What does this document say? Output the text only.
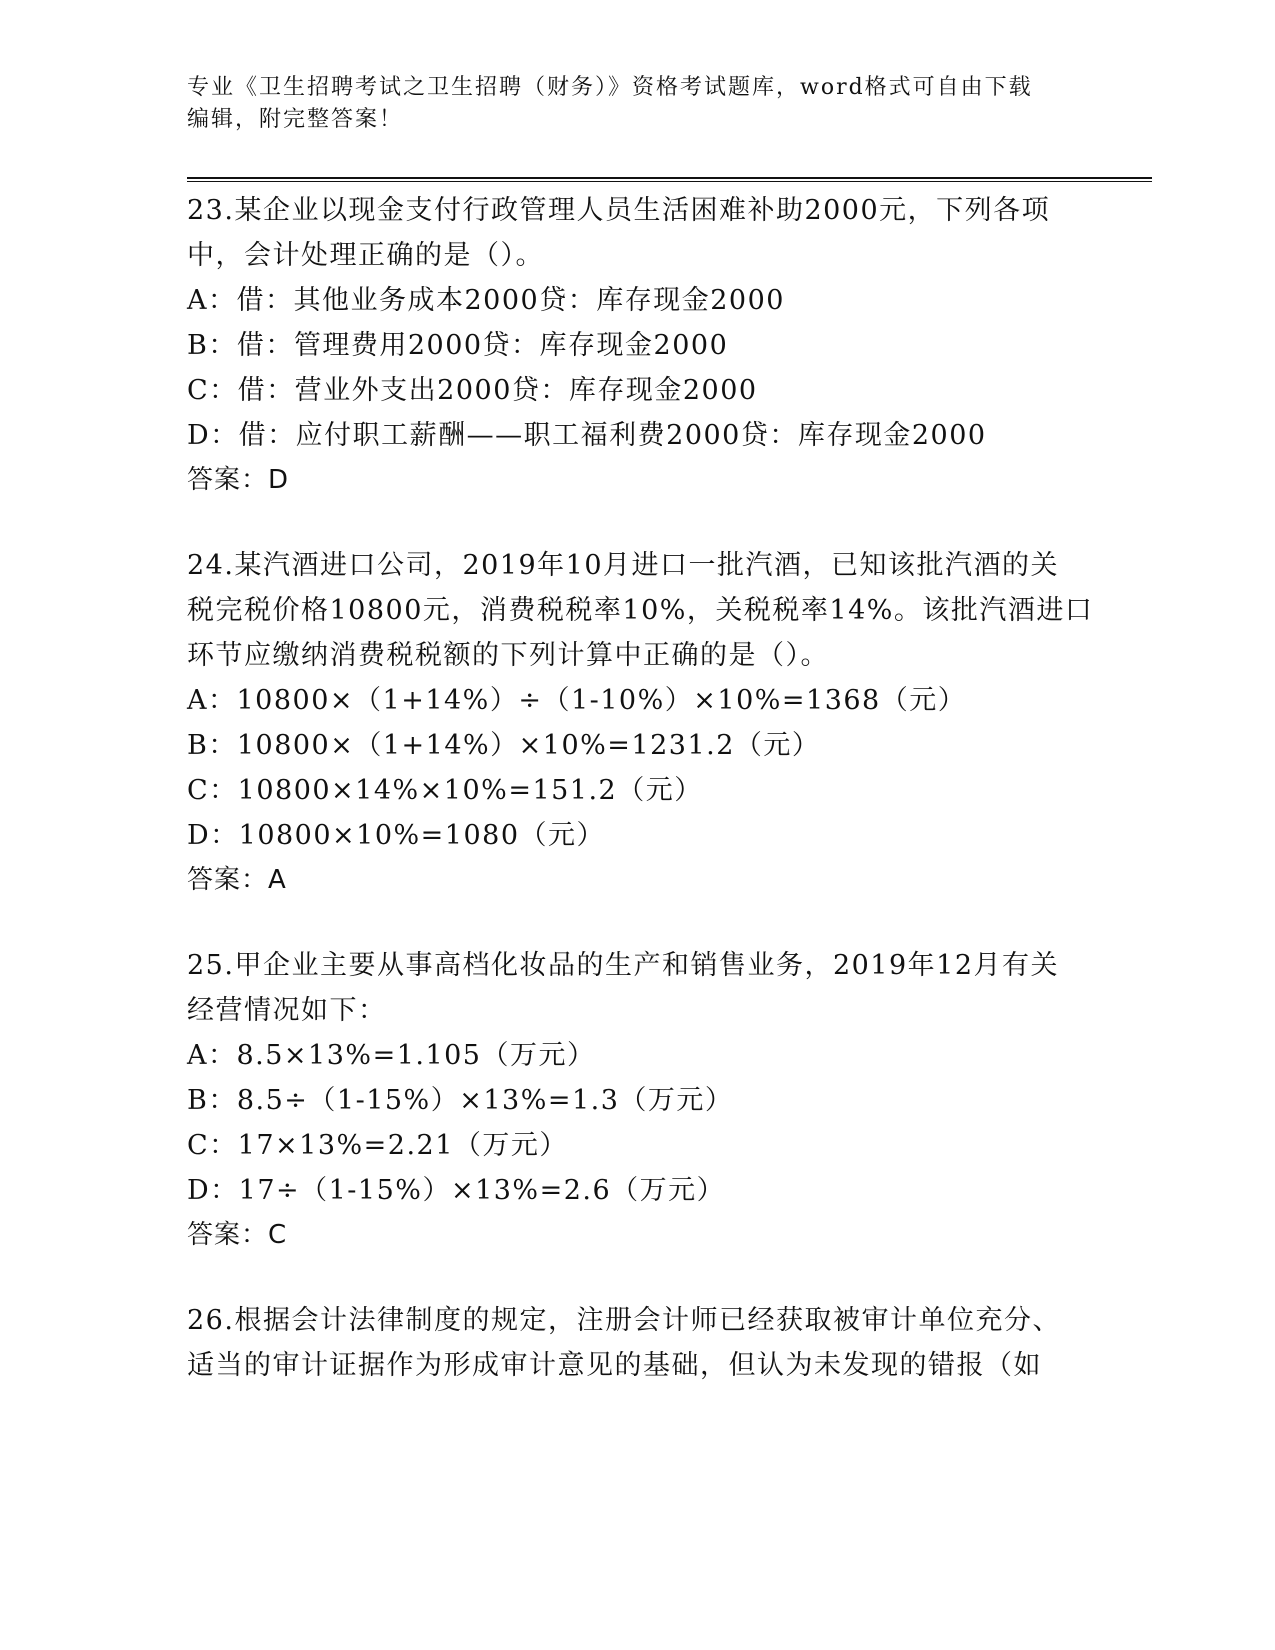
专业《卫生招聘考试之卫生招聘（财务）》资格考试题库，word格式可自由下载
编辑，附完整答案！
23.某企业以现金支付行政管理人员生活困难补助2000元，下列各项
中，会计处理正确的是（）。
A：借：其他业务成本2000贷：库存现金2000
B：借：管理费用2000贷：库存现金2000
C：借：营业外支出2000贷：库存现金2000
D：借：应付职工薪酬——职工福利费2000贷：库存现金2000
答案：D
24.某汽酒进口公司，2019年10月进口一批汽酒，已知该批汽酒的关
税完税价格10800元，消费税税率10%，关税税率14%。该批汽酒进口
环节应缴纳消费税税额的下列计算中正确的是（）。
A：10800×（1+14%）÷（1-10%）×10%=1368（元）
B：10800×（1+14%）×10%=1231.2（元）
C：10800×14%×10%=151.2（元）
D：10800×10%=1080（元）
答案：A
25.甲企业主要从事高档化妆品的生产和销售业务，2019年12月有关
经营情况如下：
A：8.5×13%=1.105（万元）
B：8.5÷（1-15%）×13%=1.3（万元）
C：17×13%=2.21（万元）
D：17÷（1-15%）×13%=2.6（万元）
答案：C
26.根据会计法律制度的规定，注册会计师已经获取被审计单位充分、
适当的审计证据作为形成审计意见的基础，但认为未发现的错报（如
